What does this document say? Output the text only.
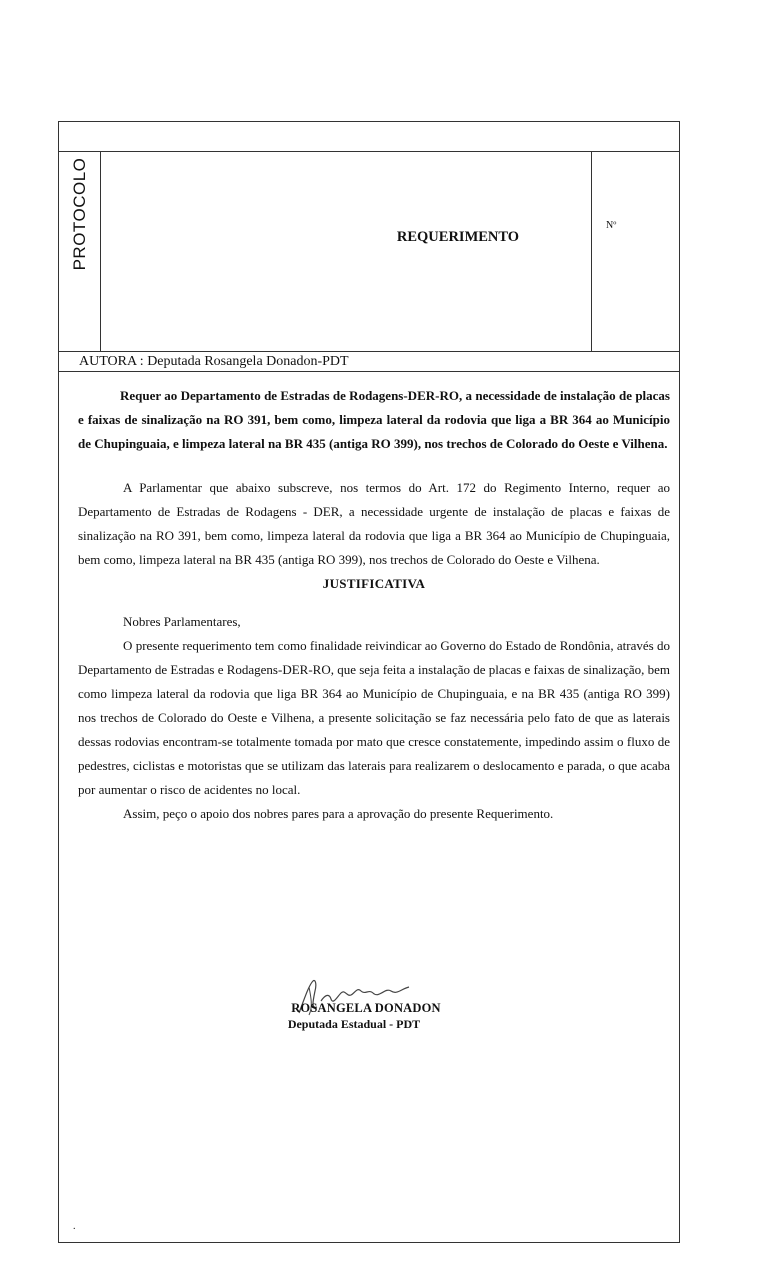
PROTOCOLO	REQUERIMENTO
Nº
AUTORA : Deputada Rosangela Donadon-PDT

Requer ao Departamento de Estradas de Rodagens-DER-RO, a necessidade de instalação de placas e faixas de sinalização na RO 391, bem como, limpeza lateral da rodovia que liga a BR 364 ao Município de Chupinguaia, e limpeza lateral na BR 435 (antiga RO 399), nos trechos de Colorado do Oeste e Vilhena.

A Parlamentar que abaixo subscreve, nos termos do Art. 172 do Regimento Interno, requer ao Departamento de Estradas de Rodagens - DER, a necessidade urgente de instalação de placas e faixas de sinalização na RO 391, bem como, limpeza lateral da rodovia que liga a BR 364 ao Município de Chupinguaia, bem como, limpeza lateral na BR 435 (antiga RO 399), nos trechos de Colorado do Oeste e Vilhena.

JUSTIFICATIVA

Nobres Parlamentares,

O presente requerimento tem como finalidade reivindicar ao Governo do Estado de Rondônia, através do Departamento de Estradas e Rodagens-DER-RO, que seja feita a instalação de placas e faixas de sinalização, bem como limpeza lateral da rodovia que liga BR 364 ao Município de Chupinguaia, e na BR 435 (antiga RO 399) nos trechos de Colorado do Oeste e Vilhena, a presente solicitação se faz necessária pelo fato de que as laterais dessas rodovias encontram-se totalmente tomada por mato que cresce constatemente, impedindo assim o fluxo de pedestres, ciclistas e motoristas que se utilizam das laterais para realizarem o deslocamento e parada, o que acaba por aumentar o risco de acidentes no local.

Assim, peço o apoio dos nobres pares para a aprovação do presente Requerimento.

ROSANGELA DONADON
Deputada Estadual - PDT
.
